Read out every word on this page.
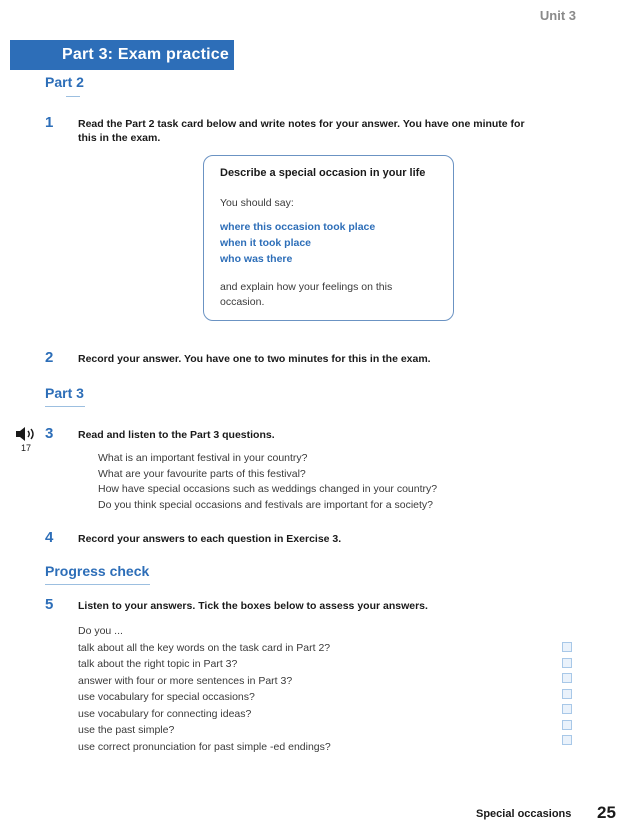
Unit 3
Part 3: Exam practice
Part 2
1 Read the Part 2 task card below and write notes for your answer. You have one minute for
this in the exam.
Describe a special occasion in your life
You should say:
where this occasion took place
when it took place
who was there
and explain how your feelings on this
occasion.
2 Record your answer. You have one to two minutes for this in the exam.
Part 3
17
3 Read and listen to the Part 3 questions.
What is an important festival in your country?
What are your favourite parts of this festival?
How have special occasions such as weddings changed in your country?
Do you think special occasions and festivals are important for a society?
4 Record your answers to each question in Exercise 3.
Progress check
5 Listen to your answers. Tick the boxes below to assess your answers.
Do you ...
talk about all the key words on the task card in Part 2?
talk about the right topic in Part 3?
answer with four or more sentences in Part 3?
use vocabulary for special occasions?
use vocabulary for connecting ideas?
use the past simple?
use correct pronunciation for past simple -ed endings?
Special occasions 25
